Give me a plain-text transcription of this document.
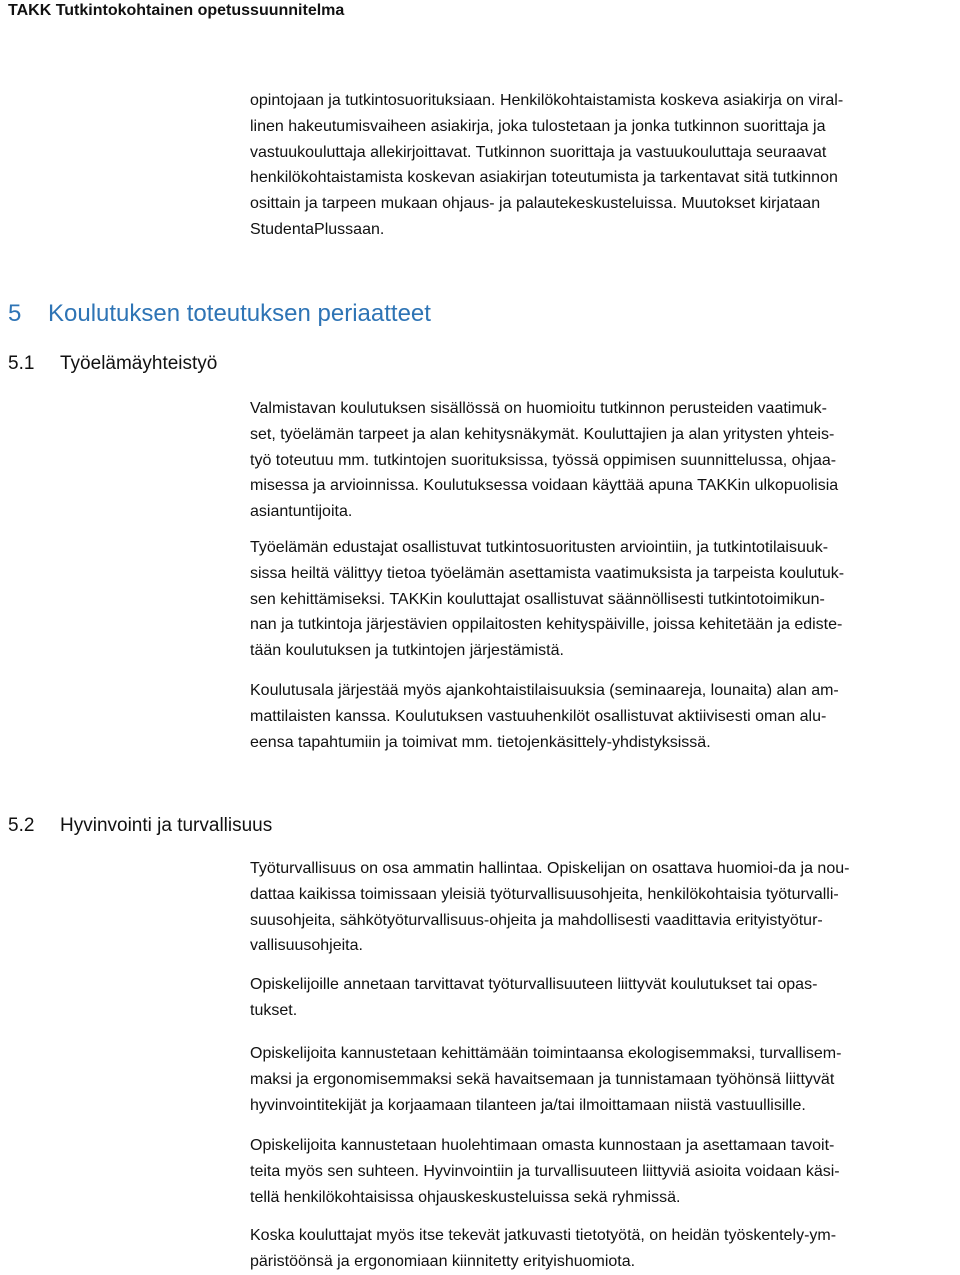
TAKK Tutkintokohtainen opetussuunnitelma

opintojaan ja tutkintosuorituksiaan. Henkilökohtaistamista koskeva asiakirja on viral-
linen hakeutumisvaiheen asiakirja, joka tulostetaan ja jonka tutkinnon suorittaja ja
vastuukouluttaja allekirjoittavat. Tutkinnon suorittaja ja vastuukouluttaja seuraavat
henkilökohtaistamista koskevan asiakirjan toteutumista ja tarkentavat sitä tutkinnon
osittain ja tarpeen mukaan ohjaus- ja palautekeskusteluissa. Muutokset kirjataan
StudentaPlussaan.

5 Koulutuksen toteutuksen periaatteet
5.1 Työelämäyhteistyö

Valmistavan koulutuksen sisällössä on huomioitu tutkinnon perusteiden vaatimuk-
set, työelämän tarpeet ja alan kehitysnäkymät. Kouluttajien ja alan yritysten yhteis-
työ toteutuu mm. tutkintojen suorituksissa, työssä oppimisen suunnittelussa, ohjaa-
misessa ja arvioinnissa. Koulutuksessa voidaan käyttää apuna TAKKin ulkopuolisia
asiantuntijoita.

Työelämän edustajat osallistuvat tutkintosuoritusten arviointiin, ja tutkintotilaisuuk-
sissa heiltä välittyy tietoa työelämän asettamista vaatimuksista ja tarpeista koulutuk-
sen kehittämiseksi. TAKKin kouluttajat osallistuvat säännöllisesti tutkintotoimikun-
nan ja tutkintoja järjestävien oppilaitosten kehityspäiville, joissa kehitetään ja ediste-
tään koulutuksen ja tutkintojen järjestämistä.

Koulutusala järjestää myös ajankohtaistilaisuuksia (seminaareja, lounaita) alan am-
mattilaisten kanssa. Koulutuksen vastuuhenkilöt osallistuvat aktiivisesti oman alu-
eensa tapahtumiin ja toimivat mm. tietojenkäsittely-yhdistyksissä.

5.2 Hyvinvointi ja turvallisuus

Työturvallisuus on osa ammatin hallintaa. Opiskelijan on osattava huomioi-da ja nou-
dattaa kaikissa toimissaan yleisiä työturvallisuusohjeita, henkilökohtaisia työturvalli-
suusohjeita, sähkötyöturvallisuus-ohjeita ja mahdollisesti vaadittavia erityistyötur-
vallisuusohjeita.

Opiskelijoille annetaan tarvittavat työturvallisuuteen liittyvät koulutukset tai opas-
tukset.

Opiskelijoita kannustetaan kehittämään toimintaansa ekologisemmaksi, turvallisem-
maksi ja ergonomisemmaksi sekä havaitsemaan ja tunnistamaan työhönsä liittyvät
hyvinvointitekijät ja korjaamaan tilanteen ja/tai ilmoittamaan niistä vastuullisille.

Opiskelijoita kannustetaan huolehtimaan omasta kunnostaan ja asettamaan tavoit-
teita myös sen suhteen. Hyvinvointiin ja turvallisuuteen liittyviä asioita voidaan käsi-
tellä henkilökohtaisissa ohjauskeskusteluissa sekä ryhmissä.

Koska kouluttajat myös itse tekevät jatkuvasti tietotyötä, on heidän työskentely-ym-
päristöönsä ja ergonomiaan kiinnitetty erityishuomiota.
